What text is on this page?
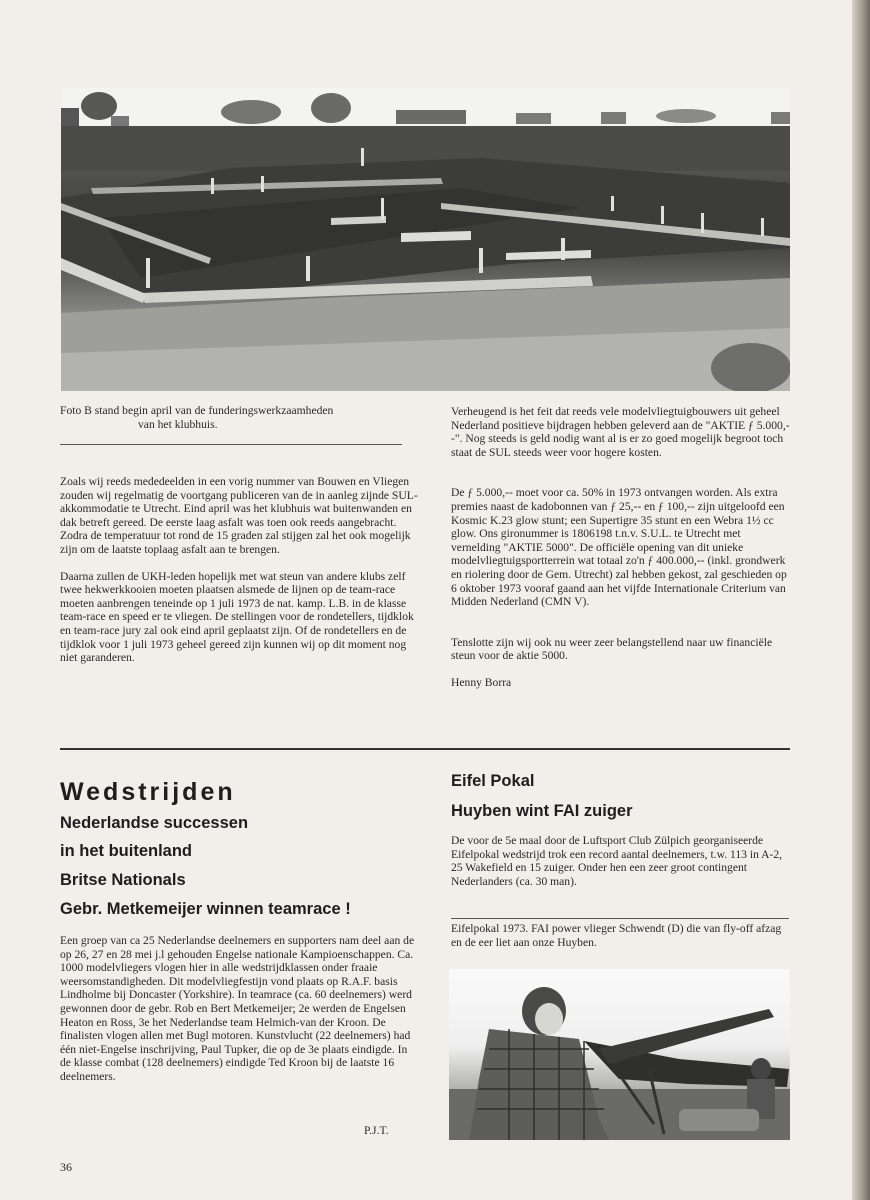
Foto B stand begin april van de funderingswerkzaamheden
van het klubhuis.

Zoals wij reeds mededeelden in een vorig nummer van Bouwen en Vliegen zouden wij regelmatig de voortgang publiceren van de in aanleg zijnde SUL-akkommodatie te Utrecht. Eind april was het klubhuis wat buitenwanden en dak betreft gereed. De eerste laag asfalt was toen ook reeds aangebracht. Zodra de temperatuur tot rond de 15 graden zal stijgen zal het ook mogelijk zijn om de laatste toplaag asfalt aan te brengen.

Daarna zullen de UKH-leden hopelijk met wat steun van andere klubs zelf twee hekwerkkooien moeten plaatsen alsmede de lijnen op de team-race moeten aanbrengen teneinde op 1 juli 1973 de nat. kamp. L.B. in de klasse team-race en speed er te vliegen. De stellingen voor de rondetellers, tijdklok en team-race jury zal ook eind april geplaatst zijn. Of de rondetellers en de tijdklok voor 1 juli 1973 geheel gereed zijn kunnen wij op dit moment nog niet garanderen.

Verheugend is het feit dat reeds vele modelvliegtuigbouwers uit geheel Nederland positieve bijdragen hebben geleverd aan de "AKTIE ƒ 5.000,--". Nog steeds is geld nodig want al is er zo goed mogelijk begroot toch staat de SUL steeds weer voor hogere kosten.

De ƒ 5.000,-- moet voor ca. 50% in 1973 ontvangen worden. Als extra premies naast de kadobonnen van ƒ 25,-- en ƒ 100,-- zijn uitgeloofd een Kosmic K.23 glow stunt; een Supertigre 35 stunt en een Webra 1½ cc glow. Ons gironummer is 1806198 t.n.v. S.U.L. te Utrecht met vernelding "AKTIE 5000". De officiële opening van dit unieke modelvliegtuigsportterrein wat totaal zo'n ƒ 400.000,-- (inkl. grondwerk en riolering door de Gem. Utrecht) zal hebben gekost, zal geschieden op 6 oktober 1973 vooraf gaand aan het vijfde Internationale Criterium van Midden Nederland (CMN V).

Tenslotte zijn wij ook nu weer zeer belangstellend naar uw financiële steun voor de aktie 5000.

Henny Borra

Wedstrijden
Nederlandse successen
in het buitenland
Britse Nationals
Gebr. Metkemeijer winnen teamrace !
Een groep van ca 25 Nederlandse deelnemers en supporters nam deel aan de op 26, 27 en 28 mei j.l gehouden Engelse nationale Kampioenschappen. Ca. 1000 modelvliegers vlogen hier in alle wedstrijdklassen onder fraaie weersomstandigheden. Dit modelvliegfestijn vond plaats op R.A.F. basis Lindholme bij Doncaster (Yorkshire). In teamrace (ca. 60 deelnemers) werd gewonnen door de gebr. Rob en Bert Metkemeijer; 2e werden de Engelsen Heaton en Ross, 3e het Nederlandse team Helmich-van der Kroon. De finalisten vlogen allen met Bugl motoren. Kunstvlucht (22 deelnemers) had één niet-Engelse inschrijving, Paul Tupker, die op de 3e plaats eindigde. In de klasse combat (128 deelnemers) eindigde Ted Kroon bij de laatste 16 deelnemers.
P.J.T.
Eifel Pokal
Huyben wint FAI zuiger
De voor de 5e maal door de Luftsport Club Zülpich georganiseerde Eifelpokal wedstrijd trok een record aantal deelnemers, t.w. 113 in A-2, 25 Wakefield en 15 zuiger. Onder hen een zeer groot contingent Nederlanders (ca. 30 man).
Eifelpokal 1973. FAI power vlieger Schwendt (D) die van fly-off afzag en de eer liet aan onze Huyben.
36
